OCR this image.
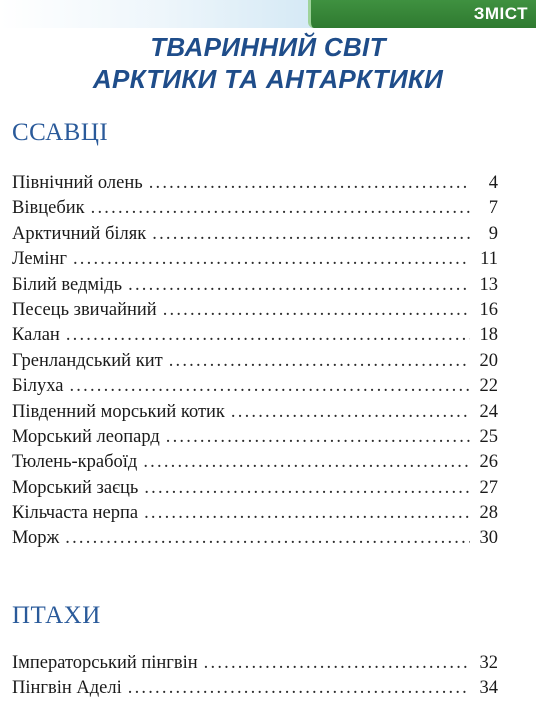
ЗМІСТ
ТВАРИННИЙ СВІТ
АРКТИКИ ТА АНТАРКТИКИ
ССАВЦІ
Північний олень .....	4
Вівцебик .....	7
Арктичний біляк .....	9
Лемінг .....	11
Білий ведмідь .....	13
Песець звичайний .....	16
Калан .....	18
Гренландський кит .....	20
Білуха .....	22
Південний морський котик .....	24
Морський леопард .....	25
Тюлень-крабоїд .....	26
Морський заєць .....	27
Кільчаста нерпа .....	28
Морж .....	30
ПТАХИ
Імператорський пінгвін .....	32
Пінгвін Аделі .....	34
